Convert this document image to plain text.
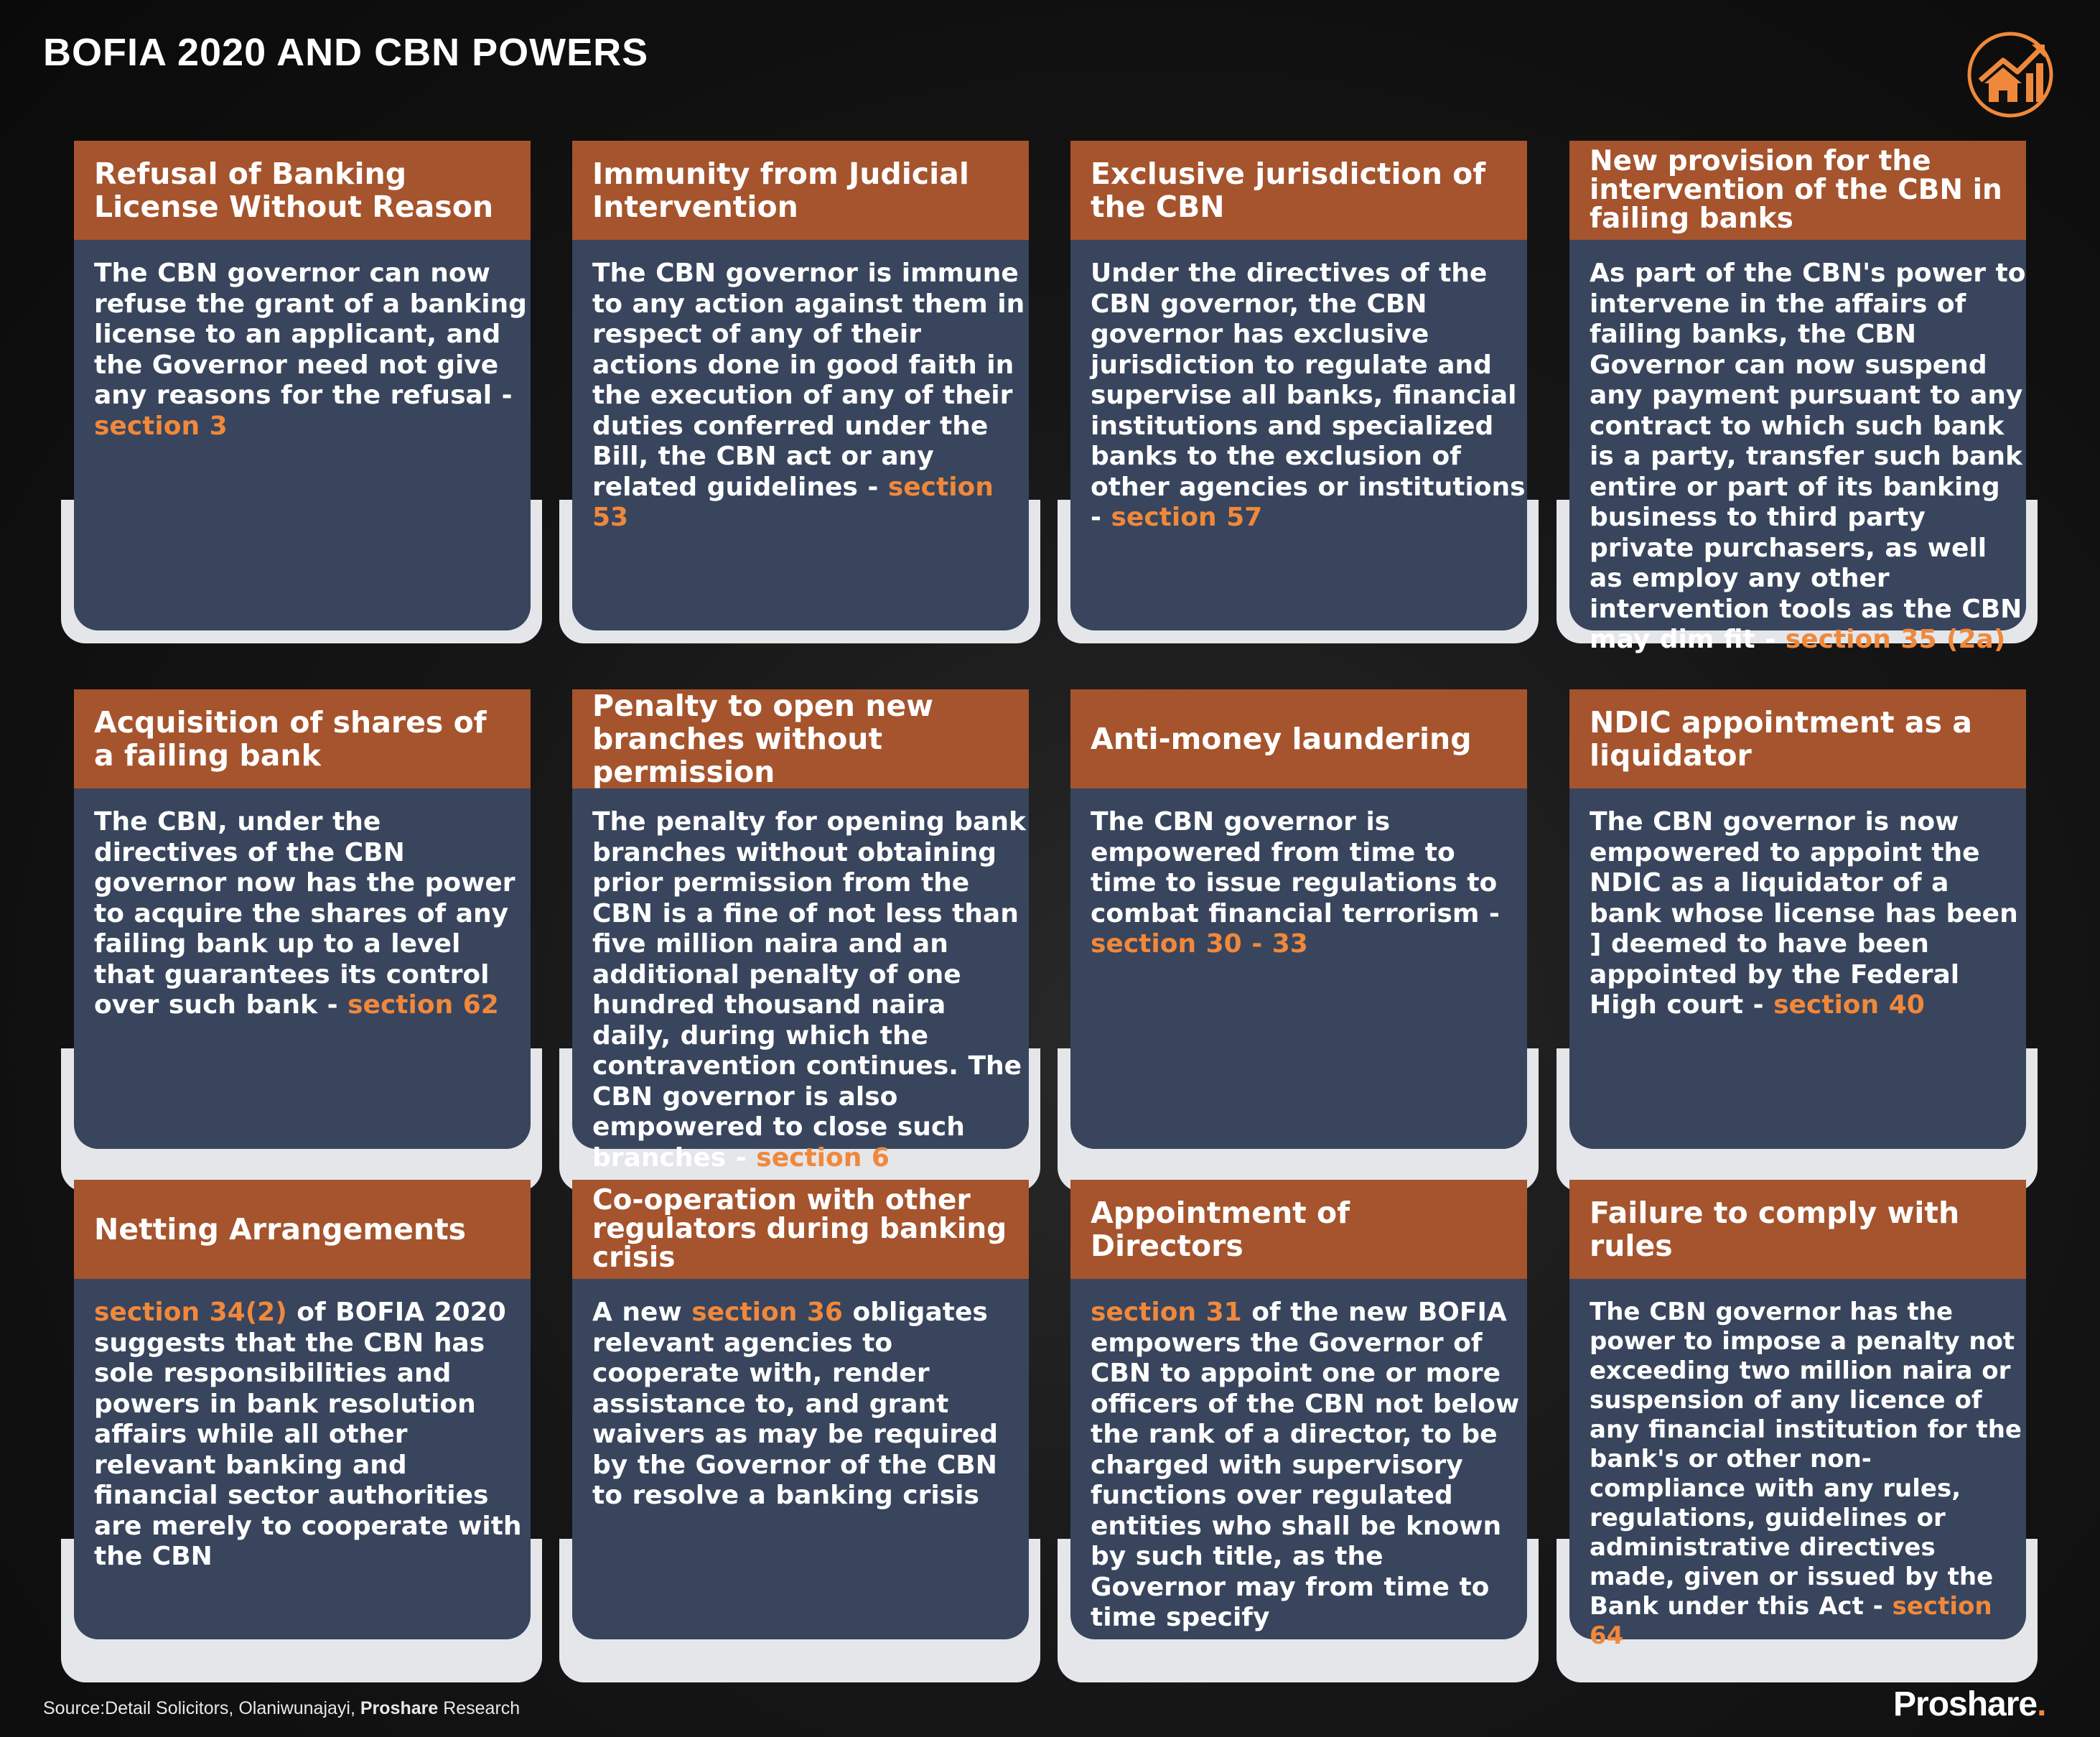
BOFIA 2020 AND CBN POWERS
Refusal of Banking License Without Reason
The CBN governor can now refuse the grant of a banking license to an applicant, and the Governor need not give any reasons for the refusal - section 3
Immunity from Judicial Intervention
The CBN governor is immune to any action against them in respect of any of their actions done in good faith in the execution of any of their duties conferred under the Bill, the CBN act or any related guidelines - section 53
Exclusive jurisdiction of the CBN
Under the directives of the CBN governor, the CBN governor has exclusive jurisdiction to regulate and supervise all banks, financial institutions and specialized banks to the exclusion of other agencies or institutions - section 57
New provision for the intervention of the CBN in failing banks
As part of the CBN's power to intervene in the affairs of failing banks, the CBN Governor can now suspend any payment pursuant to any contract to which such bank is a party, transfer such bank entire or part of its banking business to third party private purchasers, as well as employ any other intervention tools as the CBN may dim fit - section 35 (2a)
Acquisition of shares of a failing bank
The CBN, under the directives of the CBN governor now has the power to acquire the shares of any failing bank up to a level that guarantees its control over such bank - section 62
Penalty to open new branches without permission
The penalty for opening bank branches without obtaining prior permission from the CBN is a fine of not less than five million naira and an additional penalty of one hundred thousand naira daily, during which the contravention continues. The CBN governor is also empowered to close such branches - section 6
Anti-money laundering
The CBN governor is empowered from time to time to issue regulations to combat financial terrorism - section 30 - 33
NDIC appointment as a liquidator
The CBN governor is now empowered to appoint the NDIC as a liquidator of a bank whose license has been ] deemed to have been appointed by the Federal High court - section 40
Netting Arrangements
section 34(2) of BOFIA 2020 suggests that the CBN has sole responsibilities and powers in bank resolution affairs while all other relevant banking and financial sector authorities are merely to cooperate with the CBN
Co-operation with other regulators during banking crisis
A new section 36 obligates relevant agencies to cooperate with, render assistance to, and grant waivers as may be required by the Governor of the CBN to resolve a banking crisis
Appointment of Directors
section 31 of the new BOFIA empowers the Governor of CBN to appoint one or more officers of the CBN not below the rank of a director, to be charged with supervisory functions over regulated entities who shall be known by such title, as the Governor may from time to time specify
Failure to comply with rules
The CBN governor has the power to impose a penalty not exceeding two million naira or suspension of any licence of any financial institution for the bank's or other non-compliance with any rules, regulations, guidelines or administrative directives made, given or issued by the Bank under this Act - section 64
Source:Detail Solicitors, Olaniwunajayi, Proshare Research	Proshare.
